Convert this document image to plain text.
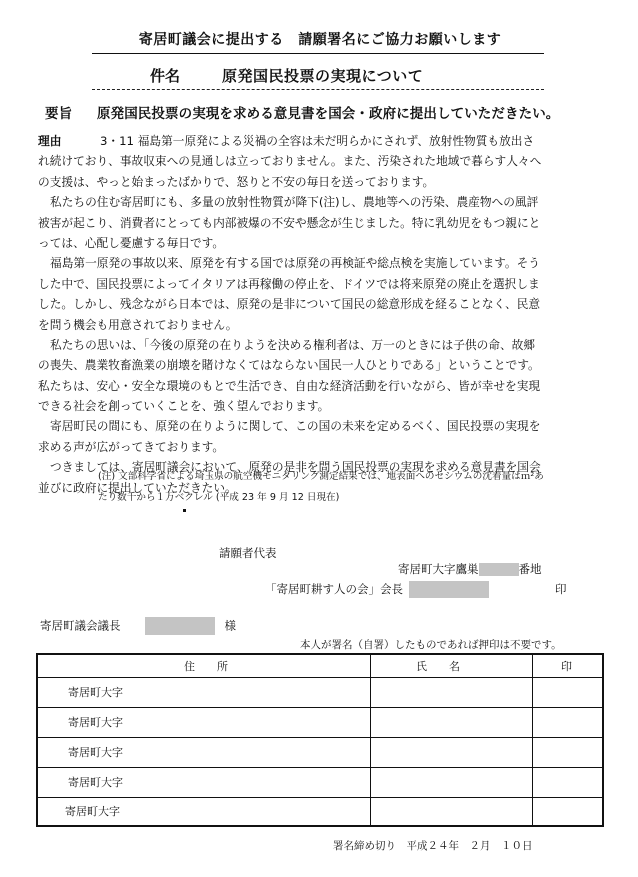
寄居町議会に提出する　請願署名にご協力お願いします
件名	原発国民投票の実現について
要旨 原発国民投票の実現を求める意見書を国会・政府に提出していただきたい。
理由	3・11 福島第一原発による災禍の全容は未だ明らかにされず、放射性物質も放出さ
れ続けており、事故収束への見通しは立っておりません。また、汚染された地域で暮らす人々へ
の支援は、やっと始まったばかりで、怒りと不安の毎日を送っております。
私たちの住む寄居町にも、多量の放射性物質が降下(注)し、農地等への汚染、農産物への風評
被害が起こり、消費者にとっても内部被爆の不安や懸念が生じました。特に乳幼児をもつ親にと
っては、心配し憂慮する毎日です。
福島第一原発の事故以来、原発を有する国では原発の再検証や総点検を実施しています。そう
した中で、国民投票によってイタリアは再稼働の停止を、ドイツでは将来原発の廃止を選択しま
した。しかし、残念ながら日本では、原発の是非について国民の総意形成を経ることなく、民意
を問う機会も用意されておりません。
私たちの思いは、「今後の原発の在りようを決める権利者は、万一のときには子供の命、故郷
の喪失、農業牧畜漁業の崩壊を賭けなくてはならない国民一人ひとりである」ということです。
私たちは、安心・安全な環境のもとで生活でき、自由な経済活動を行いながら、皆が幸せを実現
できる社会を創っていくことを、強く望んでおります。
寄居町民の間にも、原発の在りように関して、この国の未来を定めるべく、国民投票の実現を
求める声が広がってきております。
つきましては、寄居町議会において、原発の是非を問う国民投票の実現を求める意見書を国会
並びに政府に提出していただきたい。
(注) 文部科学省による埼玉県の航空機モニタリング測定結果では、地表面へのセシウムの沈着量はｍ²あ
たり数千から１万ベクレル (平成 23 年 9 月 12 日現在)
請願者代表
寄居町大字鷹巣	番地
「寄居町耕す人の会」会長	印
寄居町議会議長	様
本人が署名（自署）したものであれば押印は不要です。
住　　所	氏　　名	印
寄居町大字
寄居町大字
寄居町大字
寄居町大字
寄居町大字
署名締め切り　平成２４年　２月　１０日
